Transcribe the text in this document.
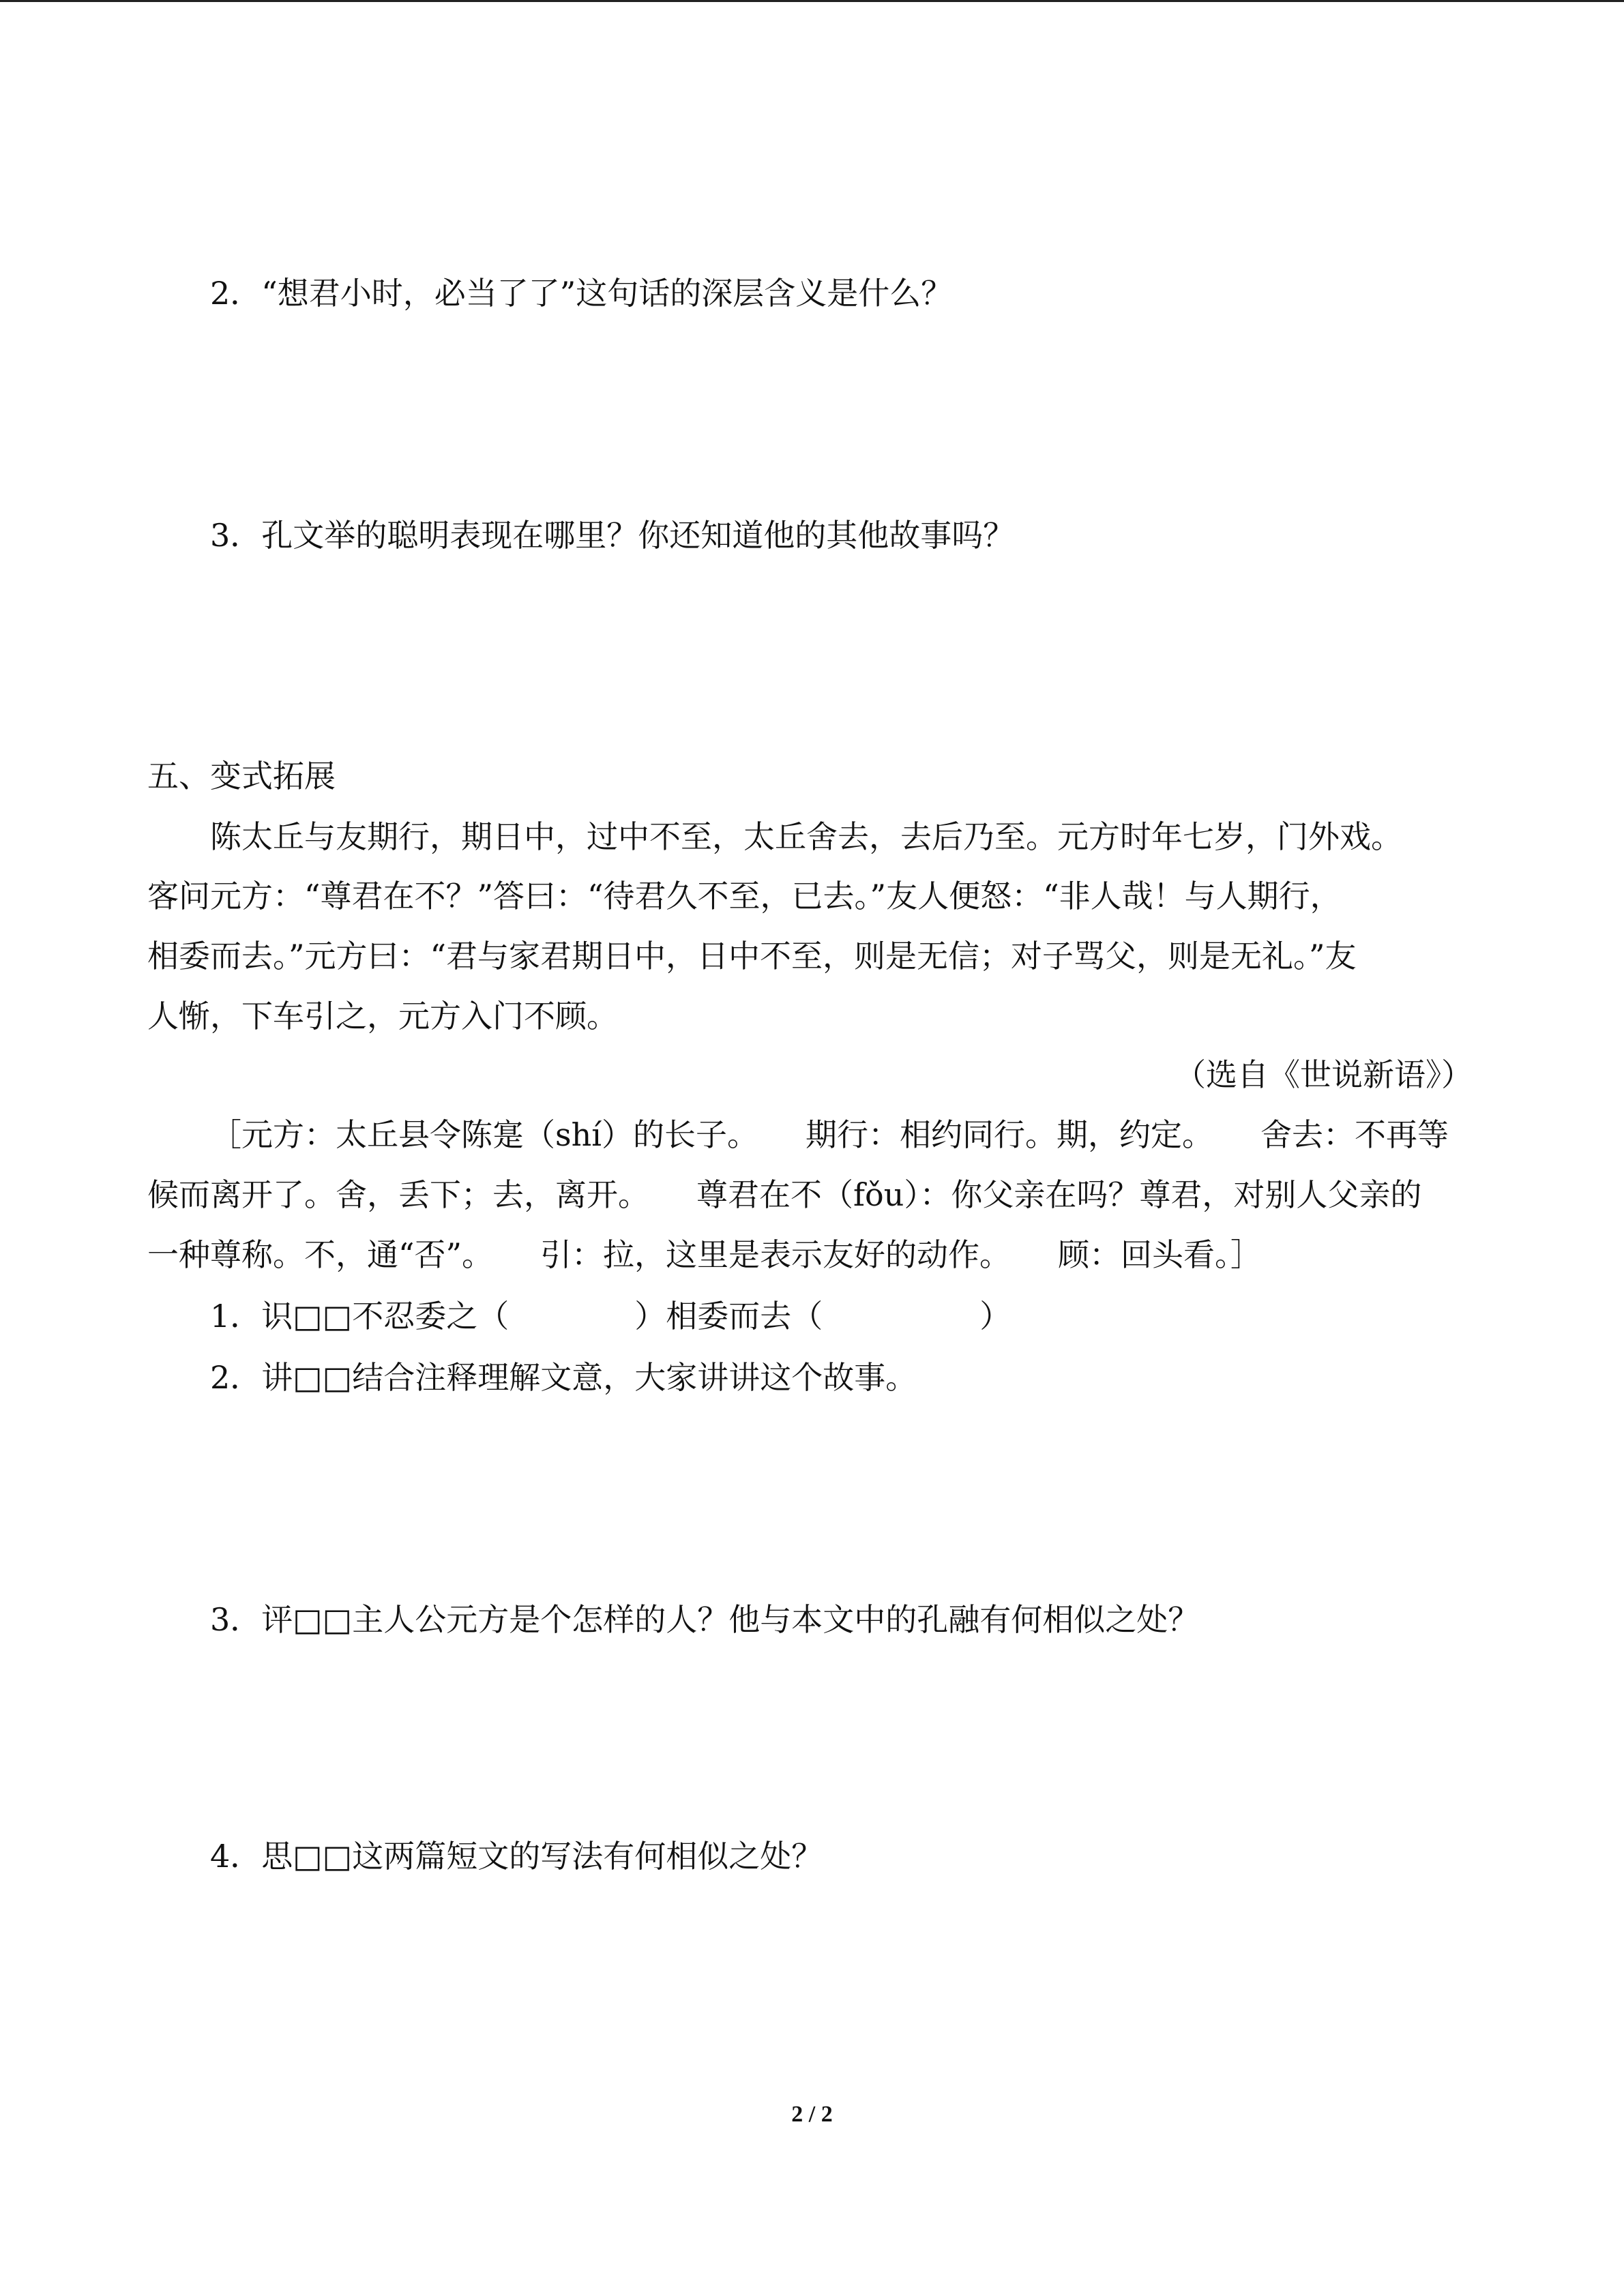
2．“想君小时，必当了了”这句话的深层含义是什么？
3．孔文举的聪明表现在哪里？你还知道他的其他故事吗？
五、变式拓展
陈太丘与友期行，期日中，过中不至，太丘舍去，去后乃至。元方时年七岁，门外戏。
客问元方：“尊君在不？”答曰：“待君久不至，已去。”友人便怒：“非人哉！与人期行，
相委而去。”元方曰：“君与家君期日中，日中不至，则是无信；对子骂父，则是无礼。”友
人惭，下车引之，元方入门不顾。
（选自《世说新语》）
［元方：太丘县令陈寔（shí）的长子。　　期行：相约同行。期，约定。　　舍去：不再等
候而离开了。舍，丢下；去，离开。　　尊君在不（fǒu）：你父亲在吗？尊君，对别人父亲的
一种尊称。不，通“否”。　　引：拉，这里是表示友好的动作。　　顾：回头看。］
1．识□□不忍委之（　　　　）相委而去（　　　　　）
2．讲□□结合注释理解文意，大家讲讲这个故事。
3．评□□主人公元方是个怎样的人？他与本文中的孔融有何相似之处？
4．思□□这两篇短文的写法有何相似之处？
2 / 2
